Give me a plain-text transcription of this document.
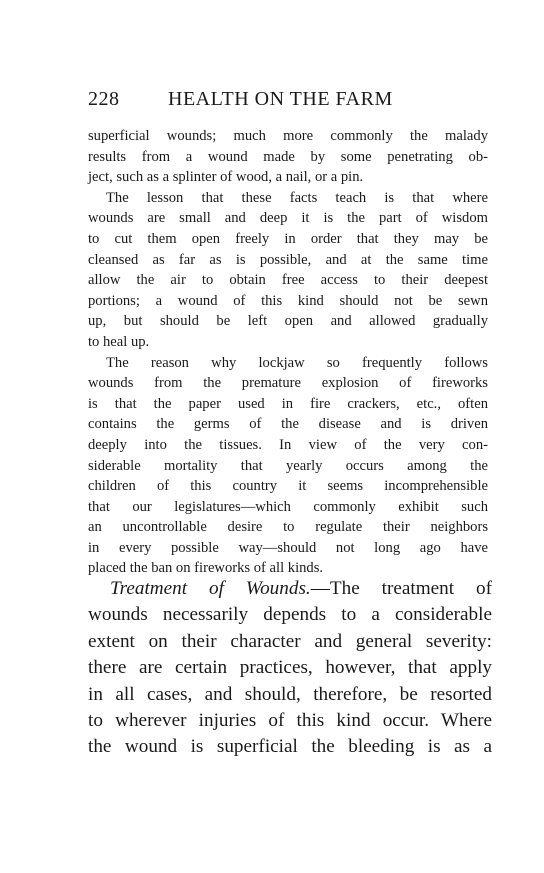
228 HEALTH ON THE FARM
superficial wounds; much more commonly the malady
results from a wound made by some penetrating ob-
ject, such as a splinter of wood, a nail, or a pin.
The lesson that these facts teach is that where
wounds are small and deep it is the part of wisdom
to cut them open freely in order that they may be
cleansed as far as is possible, and at the same time
allow the air to obtain free access to their deepest
portions; a wound of this kind should not be sewn
up, but should be left open and allowed gradually
to heal up.
The reason why lockjaw so frequently follows
wounds from the premature explosion of fireworks
is that the paper used in fire crackers, etc., often
contains the germs of the disease and is driven
deeply into the tissues. In view of the very con-
siderable mortality that yearly occurs among the
children of this country it seems incomprehensible
that our legislatures—which commonly exhibit such
an uncontrollable desire to regulate their neighbors
in every possible way—should not long ago have
placed the ban on fireworks of all kinds.
Treatment of Wounds.—The treatment of
wounds necessarily depends to a considerable
extent on their character and general severity:
there are certain practices, however, that apply
in all cases, and should, therefore, be resorted
to wherever injuries of this kind occur. Where
the wound is superficial the bleeding is as a
